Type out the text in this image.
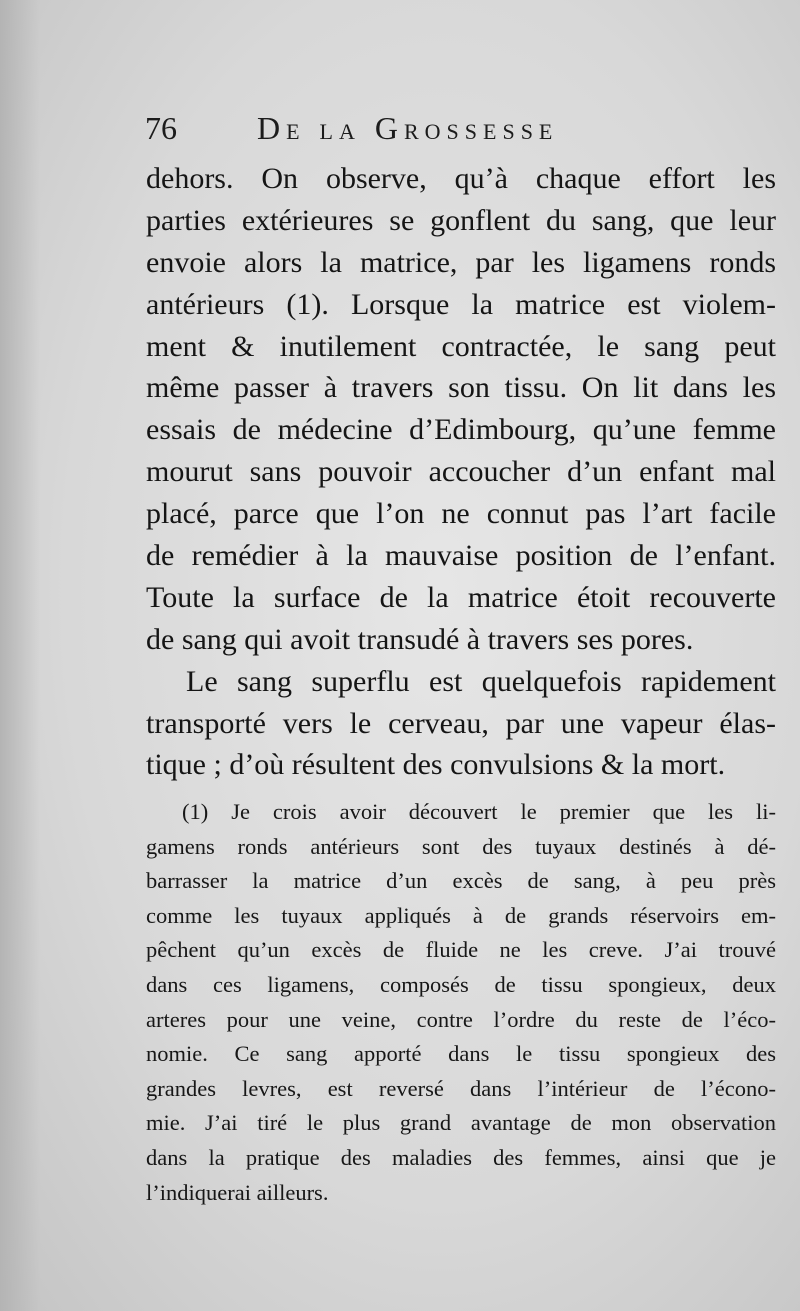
76	De la Grossesse
dehors. On observe, qu’à chaque effort les
parties extérieures se gonflent du sang, que leur
envoie alors la matrice, par les ligamens ronds
antérieurs (1). Lorsque la matrice est violem-
ment & inutilement contractée, le sang peut
même passer à travers son tissu. On lit dans les
essais de médecine d’Edimbourg, qu’une femme
mourut sans pouvoir accoucher d’un enfant mal
placé, parce que l’on ne connut pas l’art facile
de remédier à la mauvaise position de l’enfant.
Toute la surface de la matrice étoit recouverte
de sang qui avoit transudé à travers ses pores.
Le sang superflu est quelquefois rapidement
transporté vers le cerveau, par une vapeur élas-
tique ; d’où résultent des convulsions & la mort.
(1) Je crois avoir découvert le premier que les li-
gamens ronds antérieurs sont des tuyaux destinés à dé-
barrasser la matrice d’un excès de sang, à peu près
comme les tuyaux appliqués à de grands réservoirs em-
pêchent qu’un excès de fluide ne les creve. J’ai trouvé
dans ces ligamens, composés de tissu spongieux, deux
arteres pour une veine, contre l’ordre du reste de l’éco-
nomie. Ce sang apporté dans le tissu spongieux des
grandes levres, est reversé dans l’intérieur de l’écono-
mie. J’ai tiré le plus grand avantage de mon observation
dans la pratique des maladies des femmes, ainsi que je
l’indiquerai ailleurs.
